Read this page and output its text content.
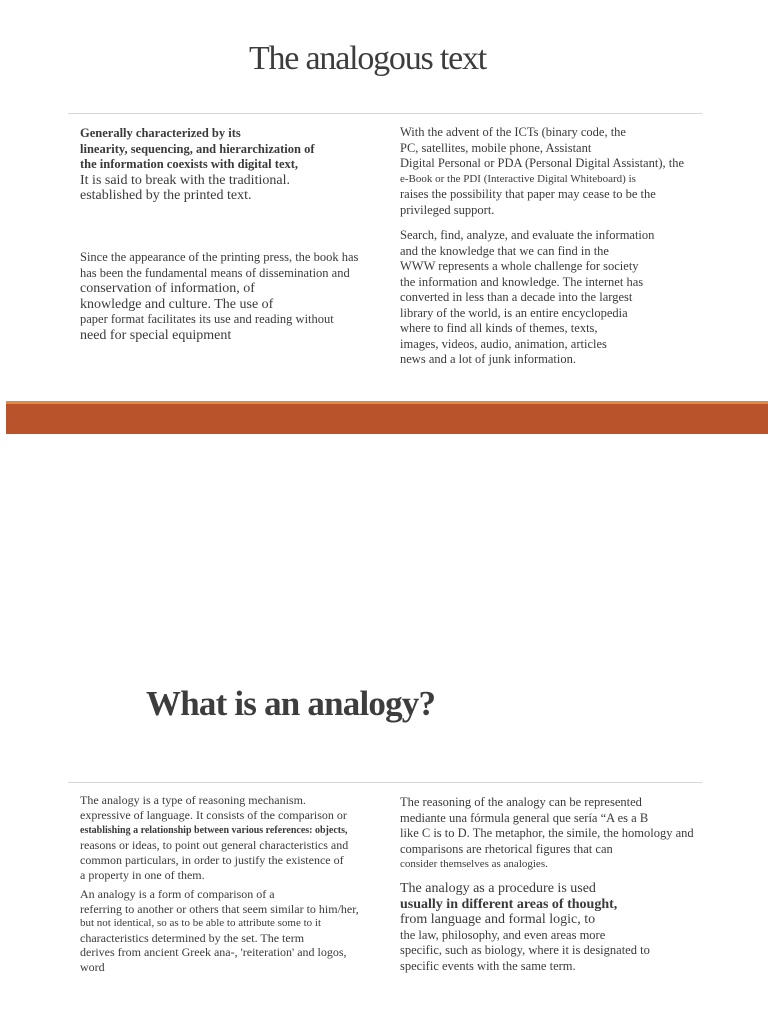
The analogous text
Generally characterized by its
linearity, sequencing, and hierarchization of
the information coexists with digital text,
It is said to break with the traditional.
established by the printed text.
Since the appearance of the printing press, the book has
has been the fundamental means of dissemination and
conservation of information, of
knowledge and culture. The use of
paper format facilitates its use and reading without
need for special equipment
With the advent of the ICTs (binary code, the
PC, satellites, mobile phone, Assistant
Digital Personal or PDA (Personal Digital Assistant), the
e-Book or the PDI (Interactive Digital Whiteboard) is
raises the possibility that paper may cease to be the
privileged support.
Search, find, analyze, and evaluate the information
and the knowledge that we can find in the
WWW represents a whole challenge for society
the information and knowledge. The internet has
converted in less than a decade into the largest
library of the world, is an entire encyclopedia
where to find all kinds of themes, texts,
images, videos, audio, animation, articles
news and a lot of junk information.
What is an analogy?
The analogy is a type of reasoning mechanism.
expressive of language. It consists of the comparison or
establishing a relationship between various references: objects,
reasons or ideas, to point out general characteristics and
common particulars, in order to justify the existence of
a property in one of them.
An analogy is a form of comparison of a
referring to another or others that seem similar to him/her,
but not identical, so as to be able to attribute some to it
characteristics determined by the set. The term
derives from ancient Greek ana-, 'reiteration' and logos,
word
The reasoning of the analogy can be represented
mediante una fórmula general que sería “A es a B
like C is to D. The metaphor, the simile, the homology and
comparisons are rhetorical figures that can
consider themselves as analogies.
The analogy as a procedure is used
usually in different areas of thought,
from language and formal logic, to
the law, philosophy, and even areas more
specific, such as biology, where it is designated to
specific events with the same term.
